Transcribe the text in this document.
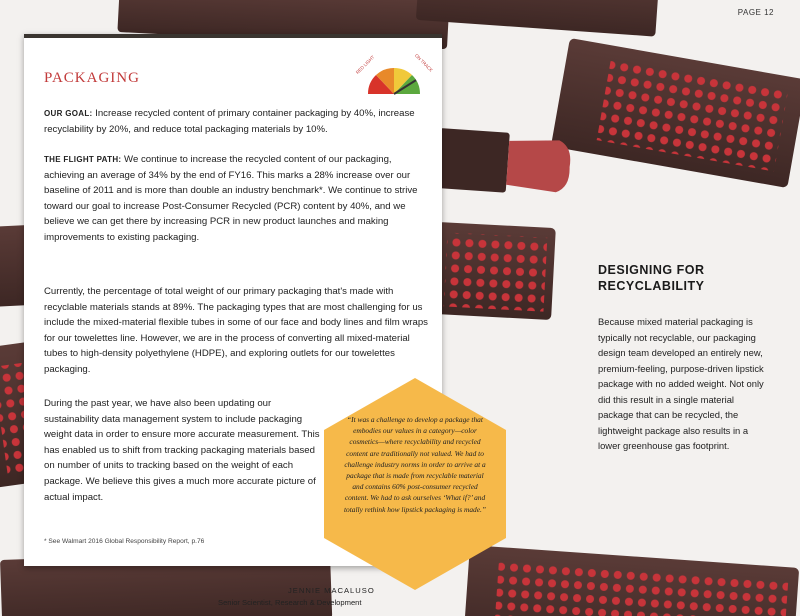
PAGE 12
PACKAGING
RED LIGHT	ON TRACK
OUR GOAL: Increase recycled content of primary container packaging by 40%, increase recyclability by 20%, and reduce total packaging materials by 10%.
THE FLIGHT PATH: We continue to increase the recycled content of our packaging, achieving an average of 34% by the end of FY16. This marks a 28% increase over our baseline of 2011 and is more than double an industry benchmark*. We continue to strive toward our goal to increase Post-Consumer Recycled (PCR) content by 40%, and we believe we can get there by increasing PCR in new product launches and making improvements to existing packaging.
Currently, the percentage of total weight of our primary packaging that's made with recyclable materials stands at 89%. The packaging types that are most challenging for us include the mixed-material flexible tubes in some of our face and body lines and film wraps for our towelettes line. However, we are in the process of converting all mixed-material tubes to high-density polyethylene (HDPE), and exploring outlets for our towelettes packaging.
During the past year, we have also been updating our sustainability data management system to include packaging weight data in order to ensure more accurate measurement. This has enabled us to shift from tracking packaging materials based on number of units to tracking based on the weight of each package. We believe this gives a much more accurate picture of actual impact.
* See Walmart 2016 Global Responsibility Report, p.76
“It was a challenge to develop a package that embodies our values in a category—color cosmetics—where recyclability and recycled content are traditionally not valued. We had to challenge industry norms in order to arrive at a package that is made from recyclable material and contains 60% post-consumer recycled content. We had to ask ourselves ‘What if?’ and totally rethink how lipstick packaging is made.”
JENNIE MACALUSO
Senior Scientist, Research & Development
DESIGNING FOR RECYCLABILITY
Because mixed material packaging is typically not recyclable, our packaging design team developed an entirely new, premium-feeling, purpose-driven lipstick package with no added weight. Not only did this result in a single material package that can be recycled, the lightweight package also results in a lower greenhouse gas footprint.
